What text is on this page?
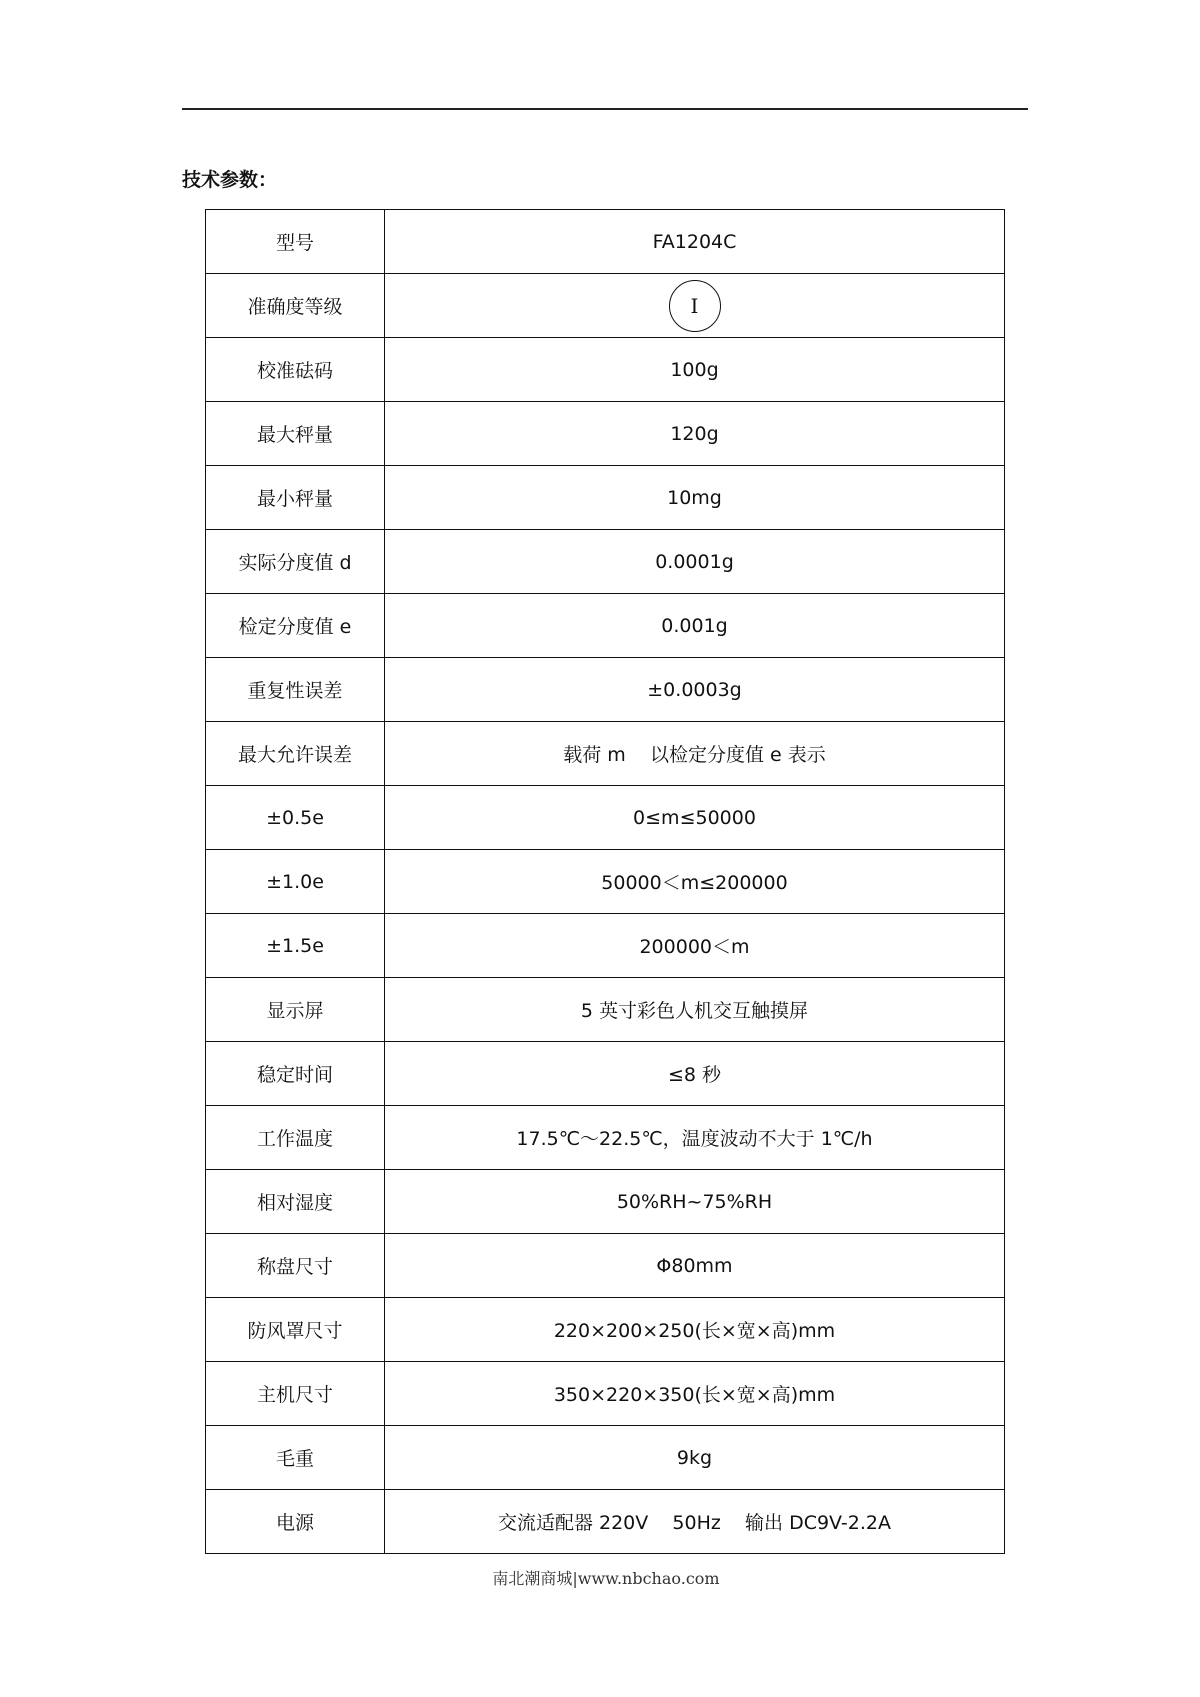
技术参数：
型号	FA1204C
准确度等级	I
校准砝码	100g
最大秤量	120g
最小秤量	10mg
实际分度值 d	0.0001g
检定分度值 e	0.001g
重复性误差	±0.0003g
最大允许误差	载荷 m    以检定分度值 e 表示
±0.5e	0≤m≤50000
±1.0e	50000＜m≤200000
±1.5e	200000＜m
显示屏	5 英寸彩色人机交互触摸屏
稳定时间	≤8 秒
工作温度	17.5℃～22.5℃，温度波动不大于 1℃/h
相对湿度	50%RH~75%RH
称盘尺寸	Φ80mm
防风罩尺寸	220×200×250(长×宽×高)mm
主机尺寸	350×220×350(长×宽×高)mm
毛重	9kg
电源	交流适配器 220V    50Hz    输出 DC9V-2.2A
南北潮商城|www.nbchao.com
